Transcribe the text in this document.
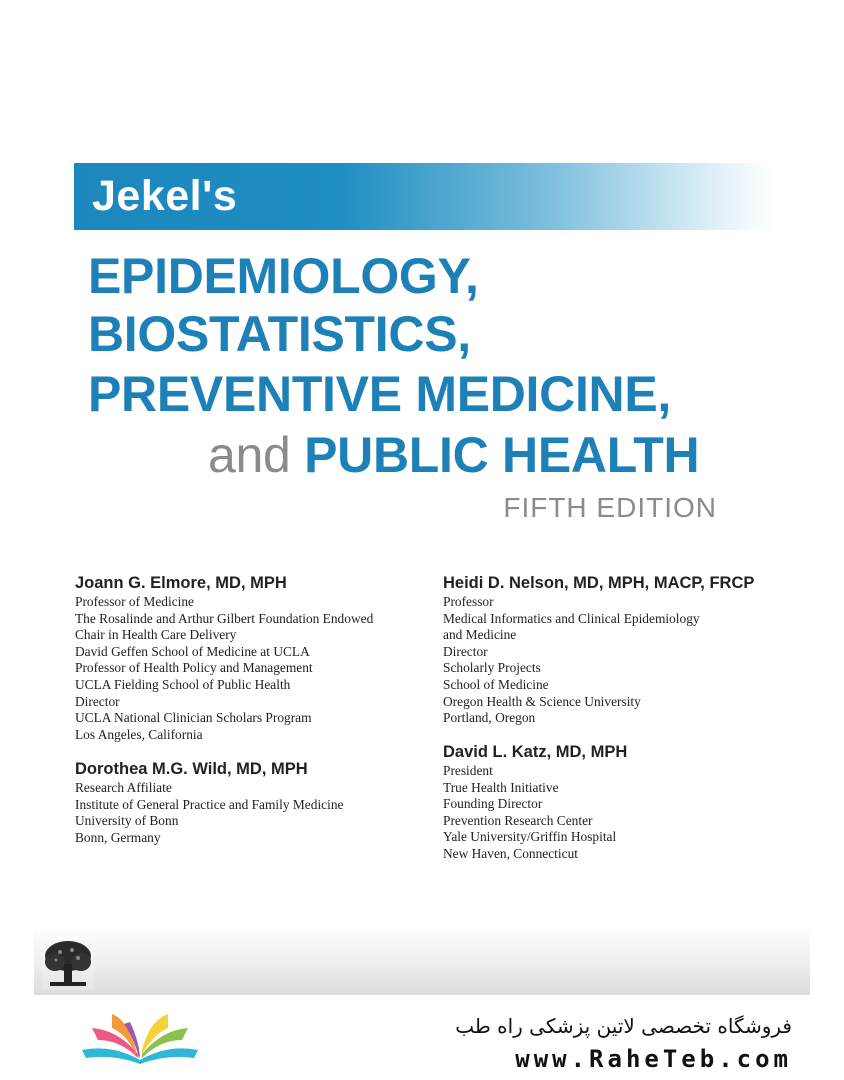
Jekel's
EPIDEMIOLOGY,
BIOSTATISTICS,
PREVENTIVE MEDICINE,
and PUBLIC HEALTH
FIFTH EDITION
Joann G. Elmore, MD, MPH
Professor of Medicine
The Rosalinde and Arthur Gilbert Foundation Endowed
Chair in Health Care Delivery
David Geffen School of Medicine at UCLA
Professor of Health Policy and Management
UCLA Fielding School of Public Health
Director
UCLA National Clinician Scholars Program
Los Angeles, California
Dorothea M.G. Wild, MD, MPH
Research Affiliate
Institute of General Practice and Family Medicine
University of Bonn
Bonn, Germany
Heidi D. Nelson, MD, MPH, MACP, FRCP
Professor
Medical Informatics and Clinical Epidemiology
and Medicine
Director
Scholarly Projects
School of Medicine
Oregon Health & Science University
Portland, Oregon
David L. Katz, MD, MPH
President
True Health Initiative
Founding Director
Prevention Research Center
Yale University/Griffin Hospital
New Haven, Connecticut
فروشگاه تخصصی لاتین پزشکی راه طب
www.RaheTeb.com
